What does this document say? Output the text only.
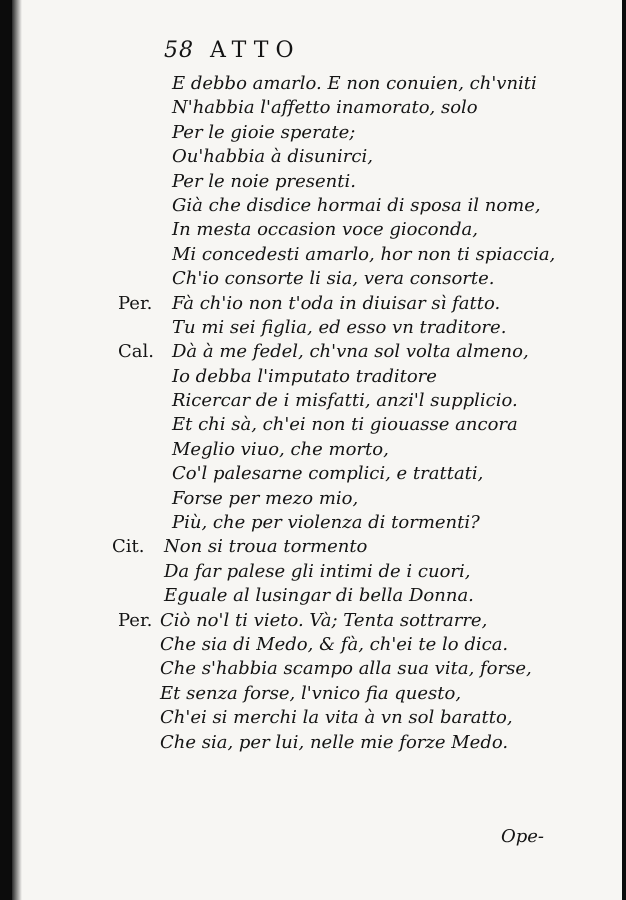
58 ATTO
E debbo amarlo. E non conuien, ch'vniti
N'habbia l'affetto inamorato, solo
Per le gioie sperate;
Ou'habbia à disunirci,
Per le noie presenti.
Già che disdice hormai di sposa il nome,
In mesta occasion voce gioconda,
Mi concedesti amarlo, hor non ti spiaccia,
Ch'io consorte li sia, vera consorte.
Per. Fà ch'io non t'oda in diuisar sì fatto.
Tu mi sei figlia, ed esso vn traditore.
Cal. Dà à me fedel, ch'vna sol volta almeno,
Io debba l'imputato traditore
Ricercar de i misfatti, anzi'l supplicio.
Et chi sà, ch'ei non ti giouasse ancora
Meglio viuo, che morto,
Co'l palesarne complici, e trattati,
Forse per mezo mio,
Più, che per violenza di tormenti?
Cit. Non si troua tormento
Da far palese gli intimi de i cuori,
Eguale al lusingar di bella Donna.
Per. Ciò no'l ti vieto. Và; Tenta sottrarre,
Che sia di Medo, & fà, ch'ei te lo dica.
Che s'habbia scampo alla sua vita, forse,
Et senza forse, l'vnico fia questo,
Ch'ei si merchi la vita à vn sol baratto,
Che sia, per lui, nelle mie forze Medo.
Ope-
